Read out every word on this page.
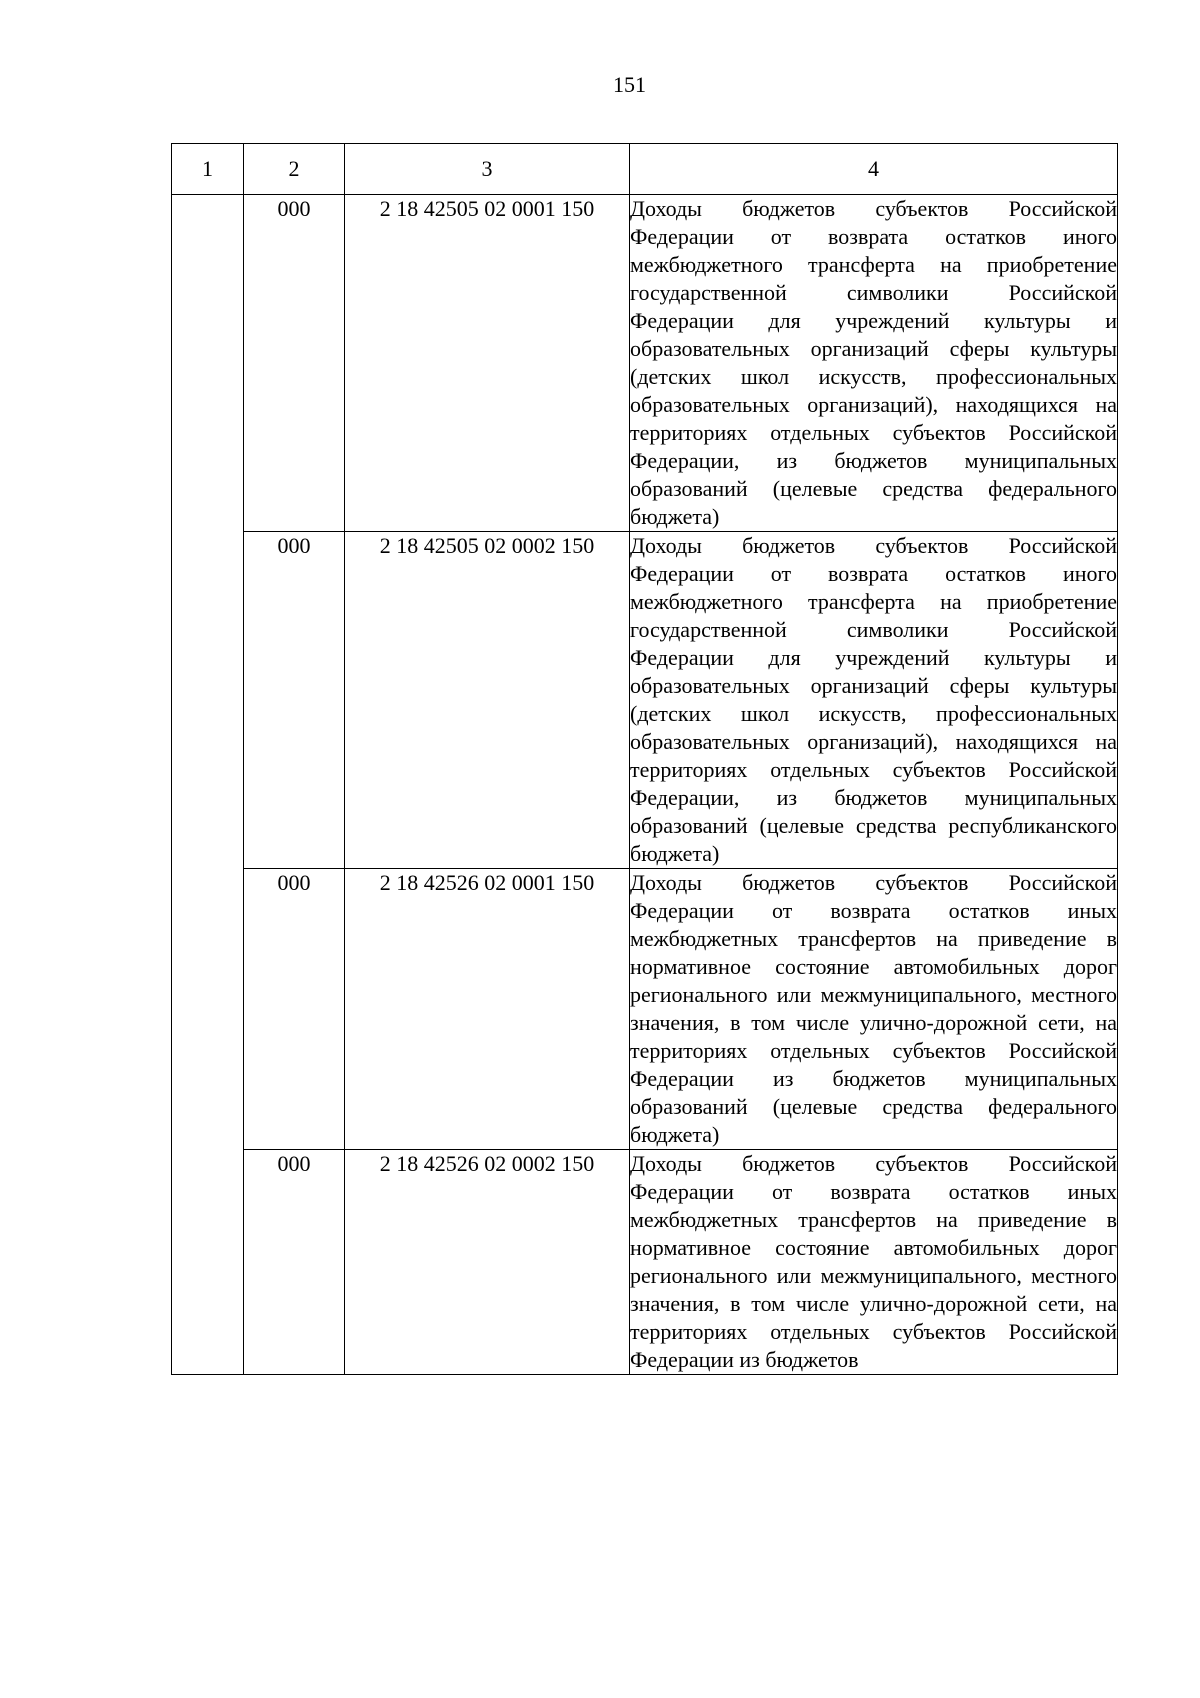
151
1	2	3	4
	000	2 18 42505 02 0001 150	Доходы бюджетов субъектов Российской Федерации от возврата остатков иного межбюджетного трансферта на приобретение государственной символики Российской Федерации для учреждений культуры и образовательных организаций сферы культуры (детских школ искусств, профессиональных образовательных организаций), находящихся на территориях отдельных субъектов Российской Федерации, из бюджетов муниципальных образований (целевые средства федерального бюджета)
	000	2 18 42505 02 0002 150	Доходы бюджетов субъектов Российской Федерации от возврата остатков иного межбюджетного трансферта на приобретение государственной символики Российской Федерации для учреждений культуры и образовательных организаций сферы культуры (детских школ искусств, профессиональных образовательных организаций), находящихся на территориях отдельных субъектов Российской Федерации, из бюджетов муниципальных образований (целевые средства республиканского бюджета)
	000	2 18 42526 02 0001 150	Доходы бюджетов субъектов Российской Федерации от возврата остатков иных межбюджетных трансфертов на приведение в нормативное состояние автомобильных дорог регионального или межмуниципального, местного значения, в том числе улично-дорожной сети, на территориях отдельных субъектов Российской Федерации из бюджетов муниципальных образований (целевые средства федерального бюджета)
	000	2 18 42526 02 0002 150	Доходы бюджетов субъектов Российской Федерации от возврата остатков иных межбюджетных трансфертов на приведение в нормативное состояние автомобильных дорог регионального или межмуниципального, местного значения, в том числе улично-дорожной сети, на территориях отдельных субъектов Российской Федерации из бюджетов
